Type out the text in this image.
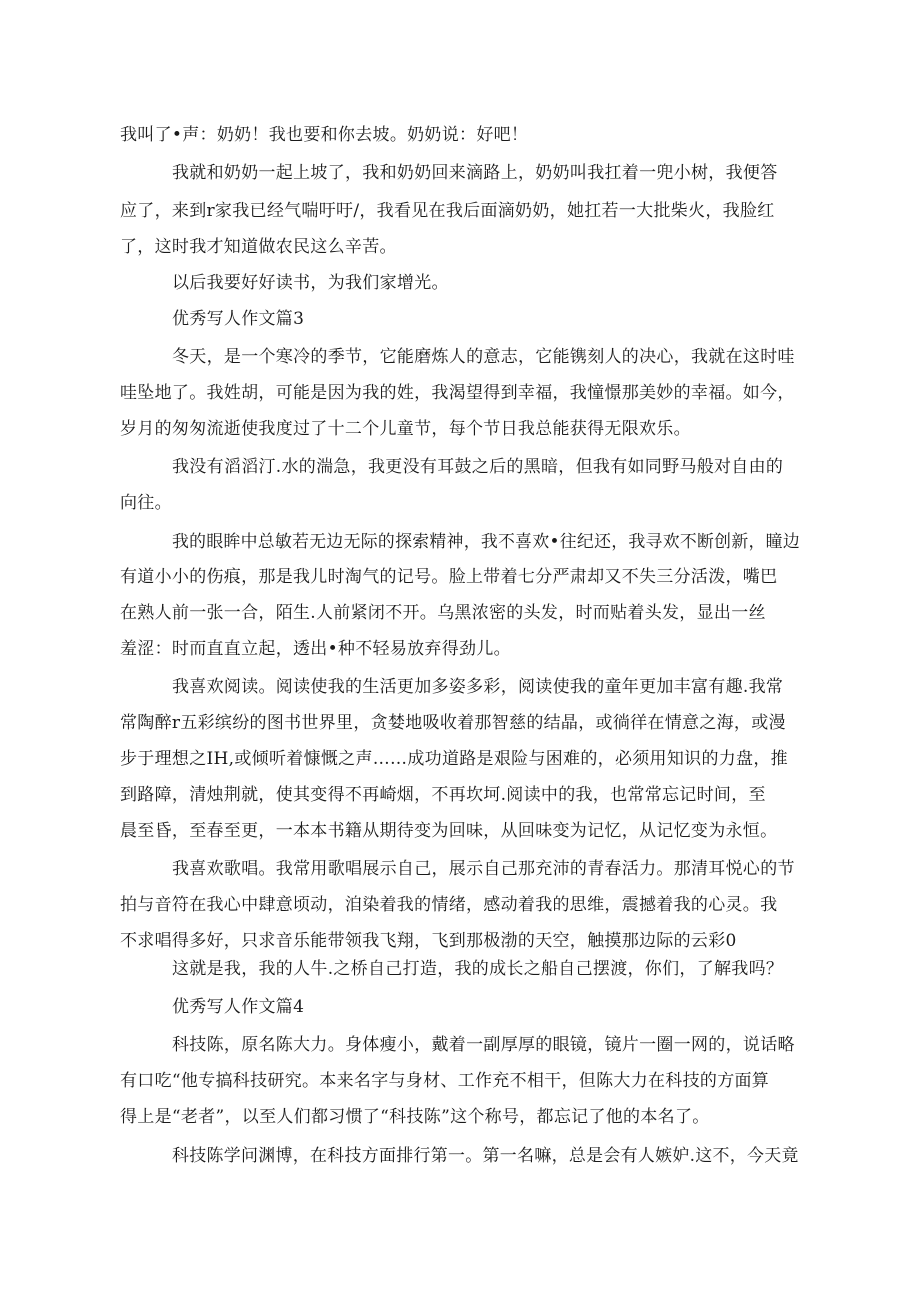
我叫了•声：奶奶！我也要和你去坡。奶奶说：好吧！
我就和奶奶一起上坡了，我和奶奶回来滴路上，奶奶叫我扛着一兜小树，我便答
应了，来到r家我已经气喘吁吁/，我看见在我后面滴奶奶，她扛若一大批柴火，我脸红
了，这时我才知道做农民这么辛苦。
以后我要好好读书，为我们家增光。
优秀写人作文篇3
冬天，是一个寒冷的季节，它能磨炼人的意志，它能镌刻人的决心，我就在这时哇
哇坠地了。我姓胡，可能是因为我的姓，我渴望得到幸福，我憧憬那美妙的幸福。如今，
岁月的匆匆流逝使我度过了十二个儿童节，每个节日我总能获得无限欢乐。
我没有滔滔汀.水的湍急，我更没有耳鼓之后的黑暗，但我有如同野马般对自由的
向往。
我的眼眸中总敏若无边无际的探索精神，我不喜欢•往纪还，我寻欢不断创新，瞳边
有道小小的伤痕，那是我儿时淘气的记号。脸上带着七分严肃却又不失三分活泼，嘴巴
在熟人前一张一合，陌生.人前紧闭不开。乌黑浓密的头发，时而贴着头发，显出一丝
羞涩：时而直直立起，透出•种不轻易放弃得劲儿。
我喜欢阅读。阅读使我的生活更加多姿多彩，阅读使我的童年更加丰富有趣.我常
常陶醉r五彩缤纷的图书世界里，贪婪地吸收着那智慈的结晶，或徜徉在情意之海，或漫
步于理想之IH,或倾听着慷慨之声……成功道路是艰险与困难的，必须用知识的力盘，推
到路障，清烛荆就，使其变得不再崎烟，不再坎坷.阅读中的我，也常常忘记时间，至
晨至昏，至春至更，一本本书籍从期待变为回味，从回味变为记忆，从记忆变为永恒。
我喜欢歌唱。我常用歌唱展示自己，展示自己那充沛的青春活力。那清耳悦心的节
拍与音符在我心中肆意顷动，洎染着我的情绪，感动着我的思维，震撼着我的心灵。我
不求唱得多好，只求音乐能带领我飞翔，飞到那极渤的天空，触摸那边际的云彩0
这就是我，我的人牛.之桥自己打造，我的成长之船自己摆渡，你们，了解我吗？
优秀写人作文篇4
科技陈，原名陈大力。身体瘦小，戴着一副厚厚的眼镜，镜片一圈一网的，说话略
有口吃“他专搞科技研究。本来名字与身材、工作充不相干，但陈大力在科技的方面算
得上是“老者”，以至人们都习惯了“科技陈”这个称号，都忘记了他的本名了。
科技陈学问渊博，在科技方面排行第一。第一名嘛，总是会有人嫉妒.这不，今天竟
